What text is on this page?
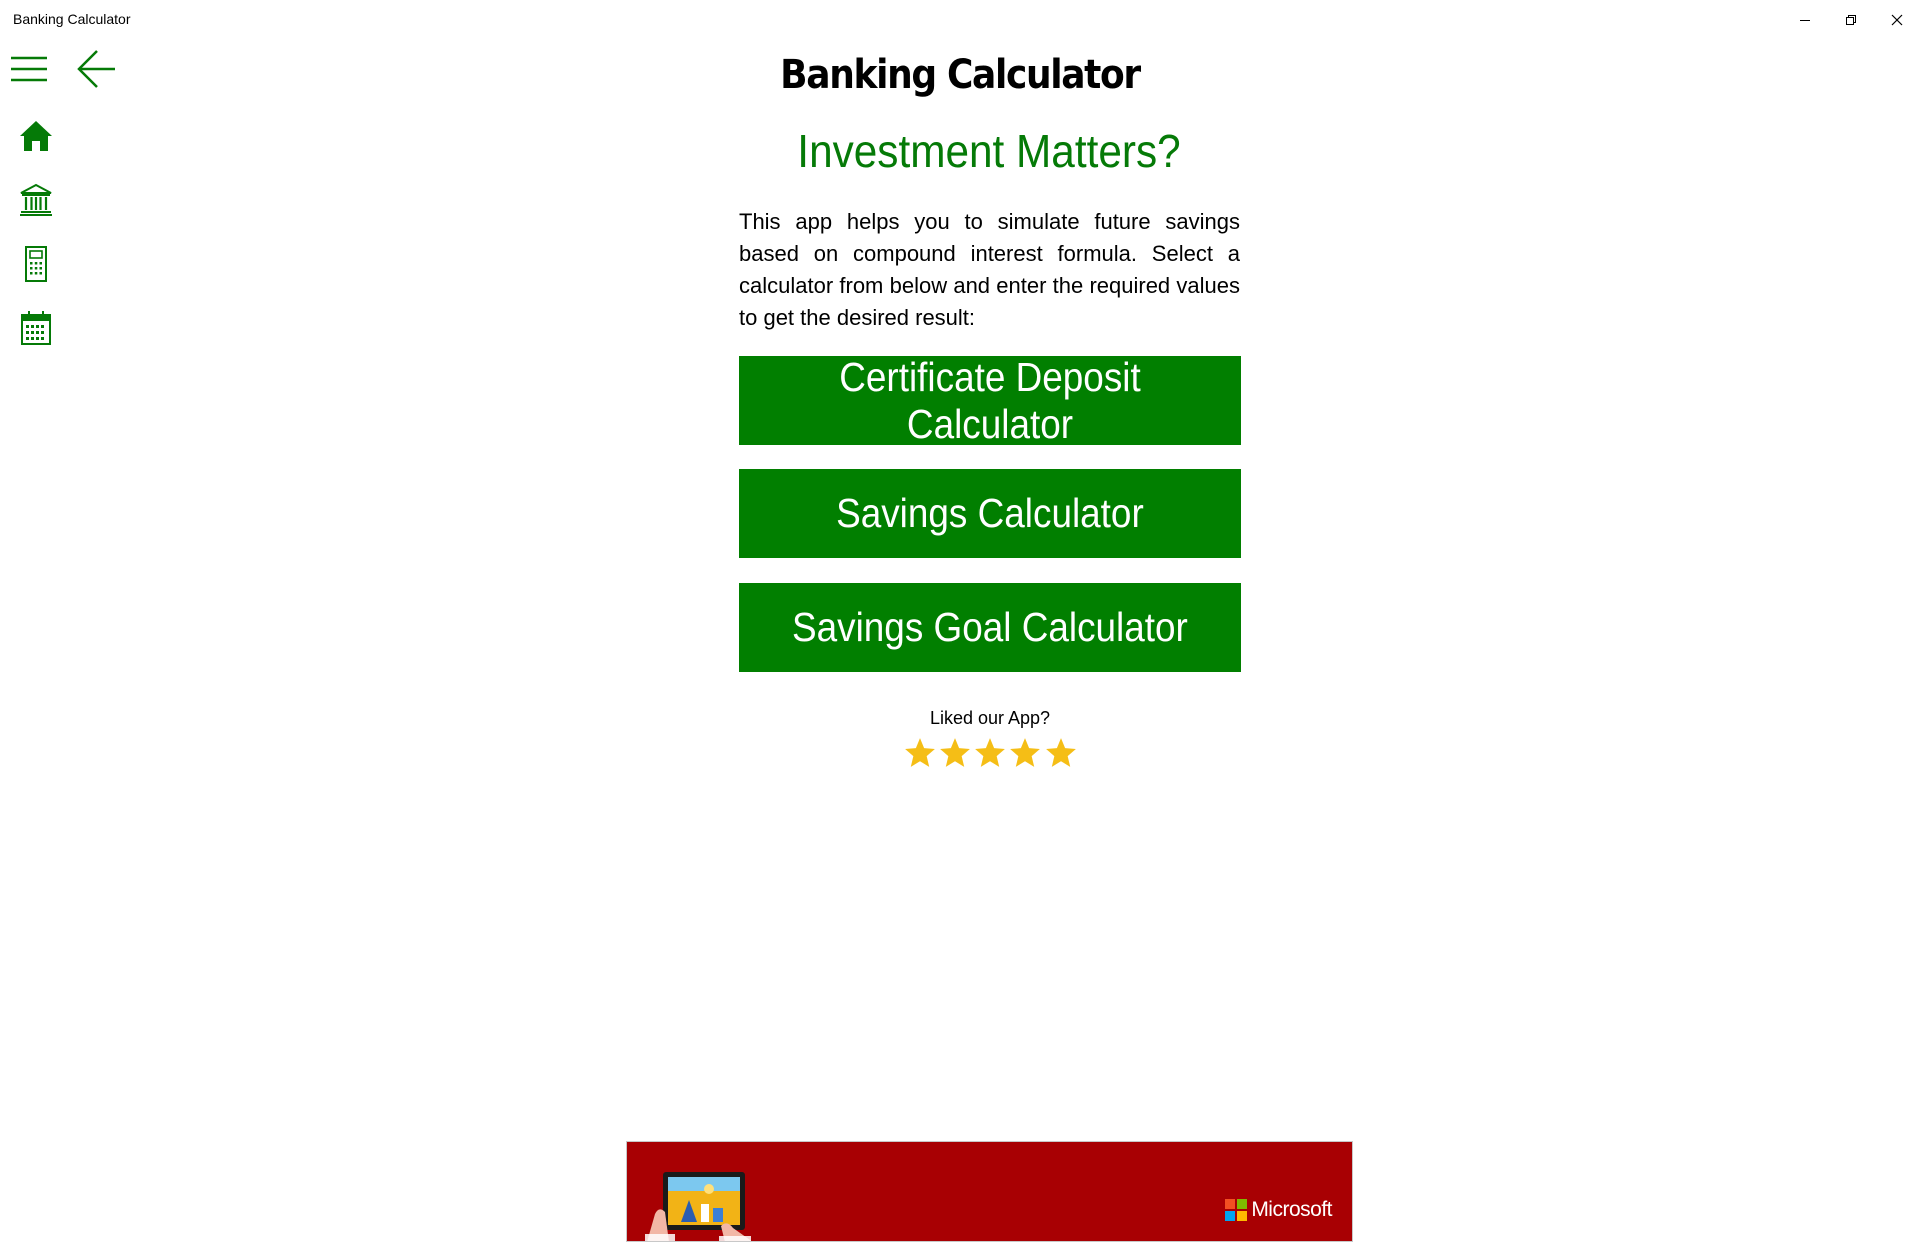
Banking Calculator
Banking Calculator
Investment Matters?
This app helps you to simulate future savings based on compound interest formula. Select a calculator from below and enter the required values to get the desired result:
Certificate Deposit Calculator
Savings Calculator
Savings Goal Calculator
Liked our App?
Microsoft
